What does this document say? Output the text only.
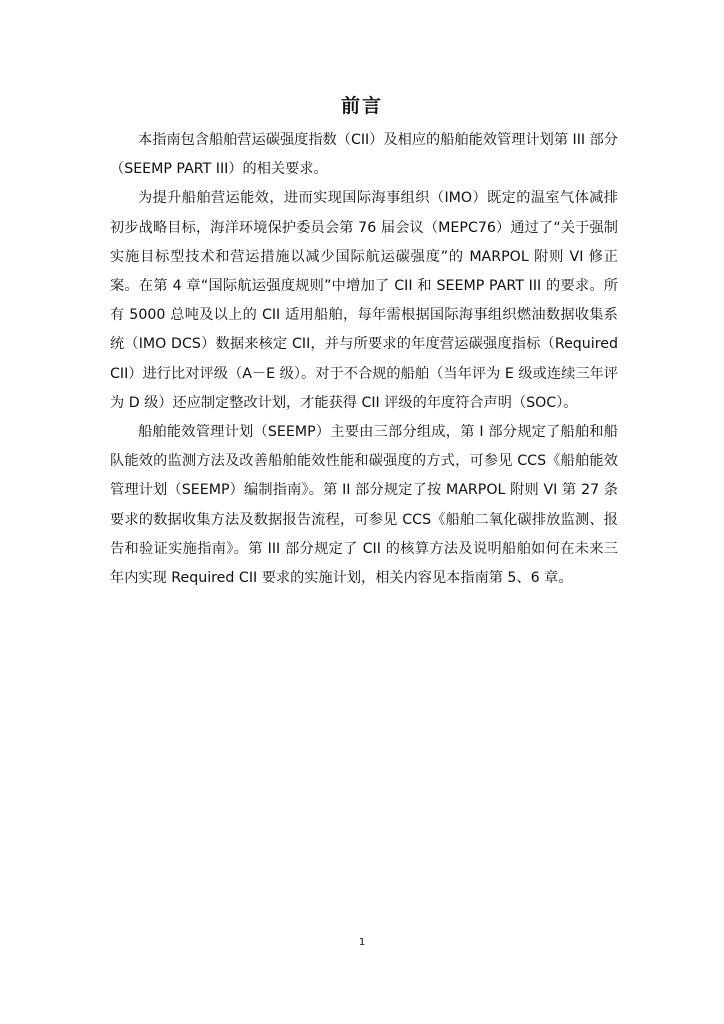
前言

本指南包含船舶营运碳强度指数（CII）及相应的船舶能效管理计划第 III 部分（SEEMP PART III）的相关要求。

为提升船舶营运能效，进而实现国际海事组织（IMO）既定的温室气体减排初步战略目标，海洋环境保护委员会第 76 届会议（MEPC76）通过了“关于强制实施目标型技术和营运措施以减少国际航运碳强度”的 MARPOL 附则 VI 修正案。在第 4 章“国际航运强度规则”中增加了 CII 和 SEEMP PART III 的要求。所有 5000 总吨及以上的 CII 适用船舶，每年需根据国际海事组织燃油数据收集系统（IMO DCS）数据来核定 CII，并与所要求的年度营运碳强度指标（Required CII）进行比对评级（A－E 级）。对于不合规的船舶（当年评为 E 级或连续三年评为 D 级）还应制定整改计划，才能获得 CII 评级的年度符合声明（SOC）。

船舶能效管理计划（SEEMP）主要由三部分组成，第 I 部分规定了船舶和船队能效的监测方法及改善船舶能效性能和碳强度的方式，可参见 CCS《船舶能效管理计划（SEEMP）编制指南》。第 II 部分规定了按 MARPOL 附则 VI 第 27 条要求的数据收集方法及数据报告流程，可参见 CCS《船舶二氧化碳排放监测、报告和验证实施指南》。第 III 部分规定了 CII 的核算方法及说明船舶如何在未来三年内实现 Required CII 要求的实施计划，相关内容见本指南第 5、6 章。

1
